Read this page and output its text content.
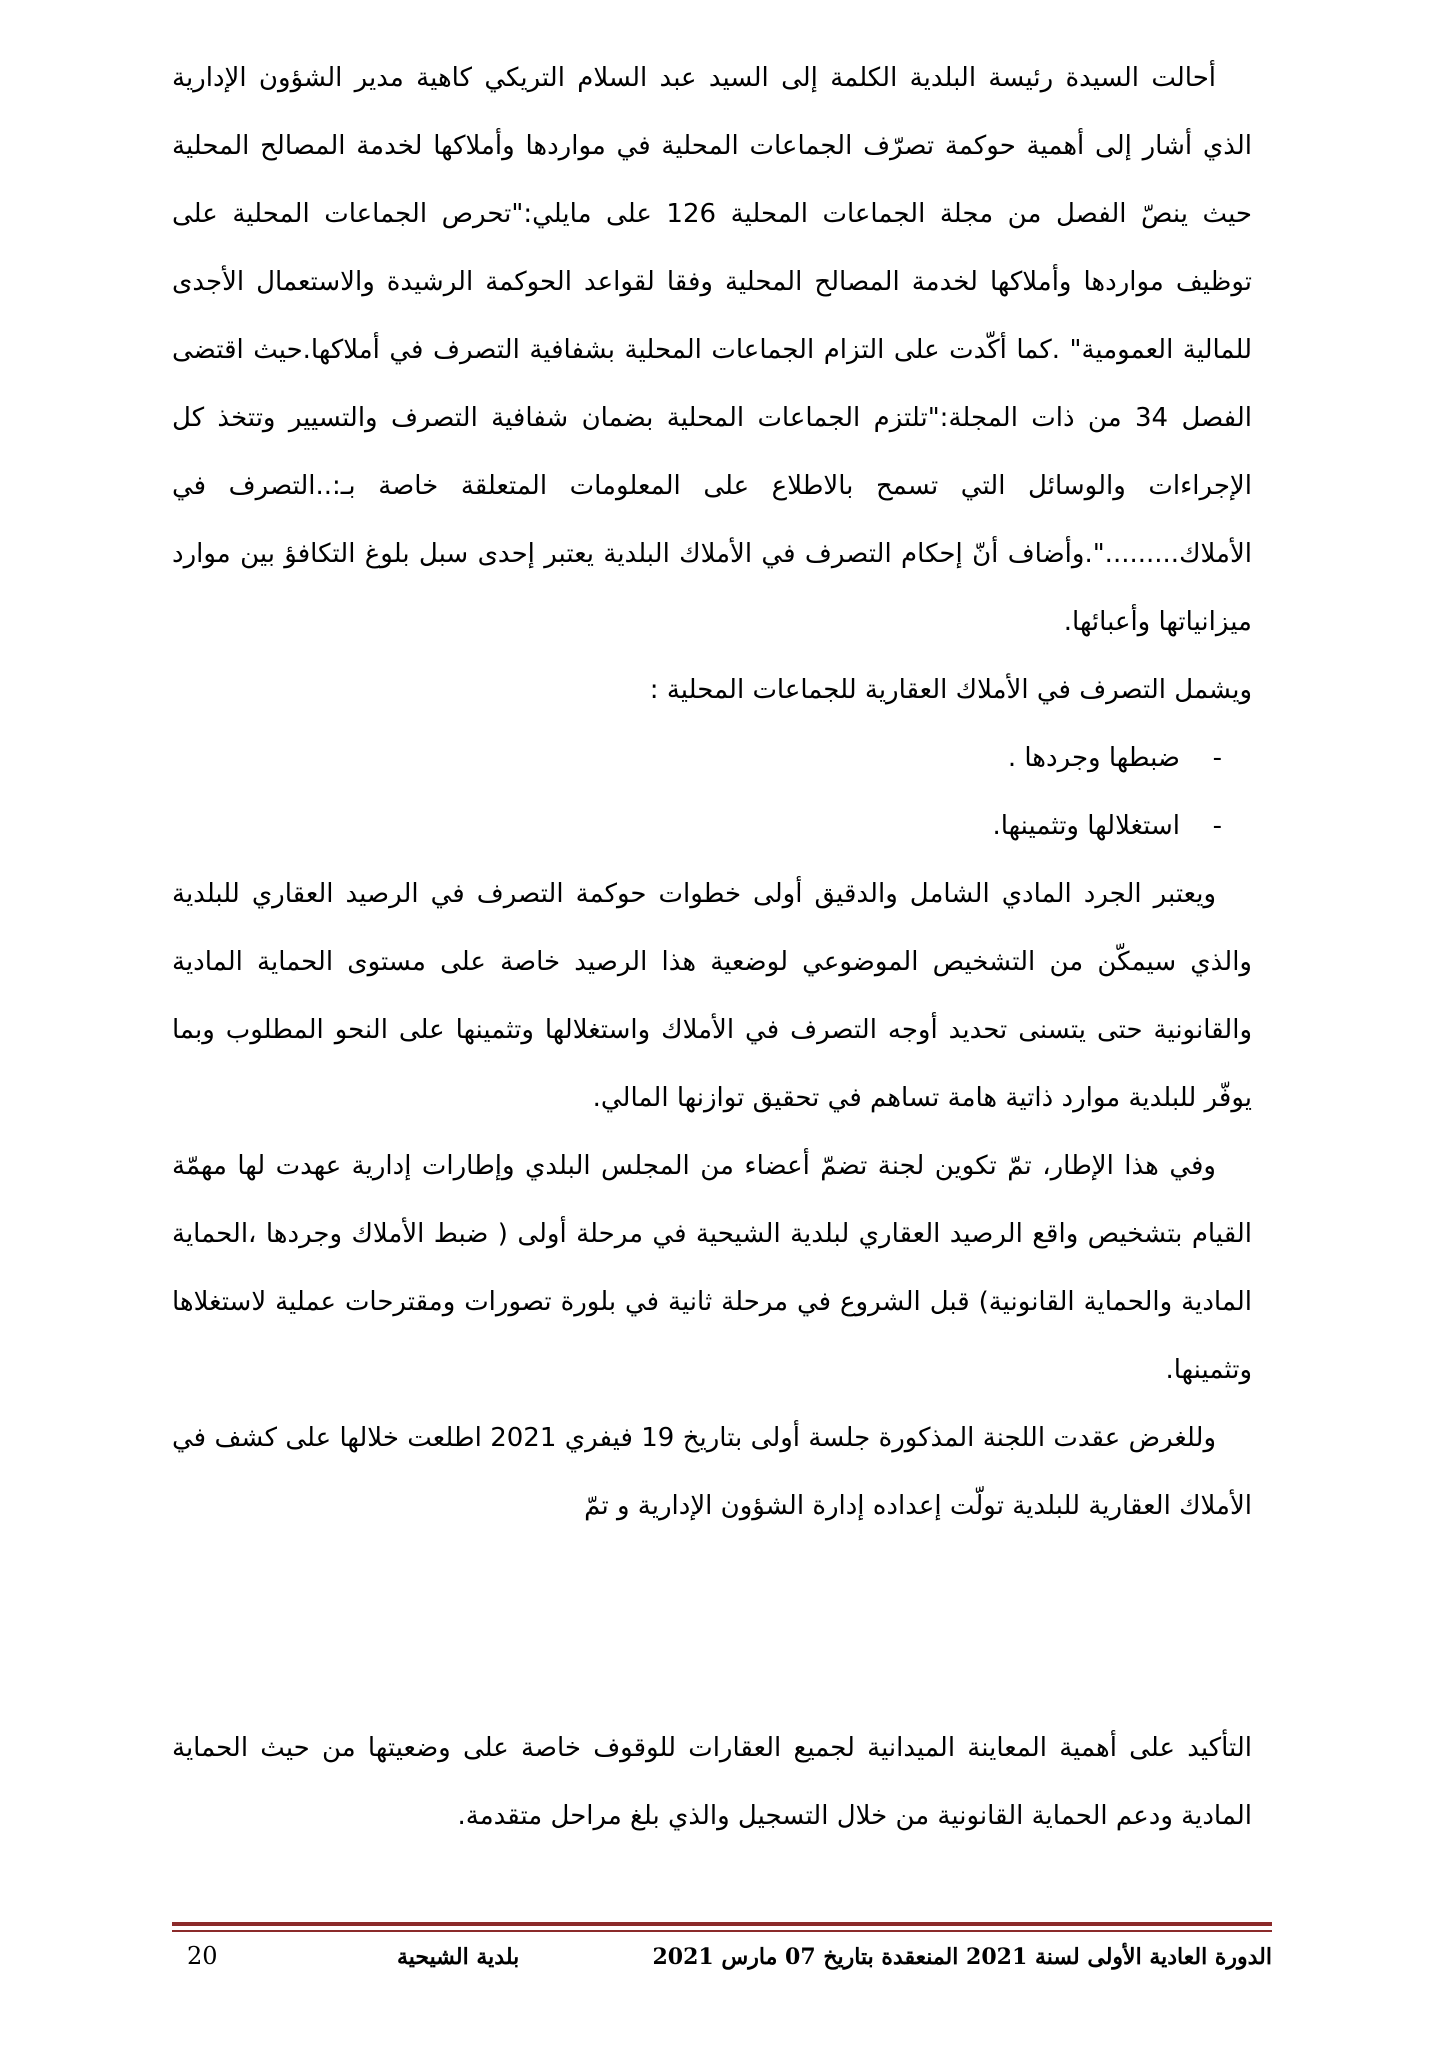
أحالت السيدة رئيسة البلدية الكلمة إلى السيد عبد السلام التريكي كاهية مدير الشؤون الإدارية الذي أشار إلى أهمية حوكمة تصرّف الجماعات المحلية في مواردها وأملاكها لخدمة المصالح المحلية حيث ينصّ الفصل من مجلة الجماعات المحلية 126 على مايلي:"تحرص الجماعات المحلية على توظيف مواردها وأملاكها لخدمة المصالح المحلية وفقا لقواعد الحوكمة الرشيدة والاستعمال الأجدى للمالية العمومية" .كما أكّدت على التزام الجماعات المحلية بشفافية التصرف في أملاكها.حيث اقتضى الفصل 34 من ذات المجلة:"تلتزم الجماعات المحلية بضمان شفافية التصرف والتسيير وتتخذ كل الإجراءات والوسائل التي تسمح بالاطلاع على المعلومات المتعلقة خاصة بـ:..التصرف في الأملاك.........".وأضاف أنّ إحكام التصرف في الأملاك البلدية يعتبر إحدى سبل بلوغ التكافؤ بين موارد ميزانياتها وأعبائها.

ويشمل التصرف في الأملاك العقارية للجماعات المحلية :

- ضبطها وجردها .
- استغلالها وتثمينها.

ويعتبر الجرد المادي الشامل والدقيق أولى خطوات حوكمة التصرف في الرصيد العقاري للبلدية والذي سيمكّن من التشخيص الموضوعي لوضعية هذا الرصيد خاصة على مستوى الحماية المادية والقانونية حتى يتسنى تحديد أوجه التصرف في الأملاك واستغلالها وتثمينها على النحو المطلوب وبما يوفّر للبلدية موارد ذاتية هامة تساهم في تحقيق توازنها المالي.

وفي هذا الإطار، تمّ تكوين لجنة تضمّ أعضاء من المجلس البلدي وإطارات إدارية عهدت لها مهمّة القيام بتشخيص واقع الرصيد العقاري لبلدية الشيحية في مرحلة أولى ( ضبط الأملاك وجردها ،الحماية المادية والحماية القانونية) قبل الشروع في مرحلة ثانية في بلورة تصورات ومقترحات عملية لاستغلاها وتثمينها.

وللغرض عقدت اللجنة المذكورة جلسة أولى بتاريخ 19 فيفري 2021 اطلعت خلالها على كشف في الأملاك العقارية للبلدية تولّت إعداده إدارة الشؤون الإدارية و تمّ

التأكيد على أهمية المعاينة الميدانية لجميع العقارات للوقوف خاصة على وضعيتها من حيث الحماية المادية ودعم الحماية القانونية من خلال التسجيل والذي بلغ مراحل متقدمة.

الدورة العادية الأولى لسنة 2021 المنعقدة بتاريخ 07 مارس 2021
بلدية الشيحية
20
